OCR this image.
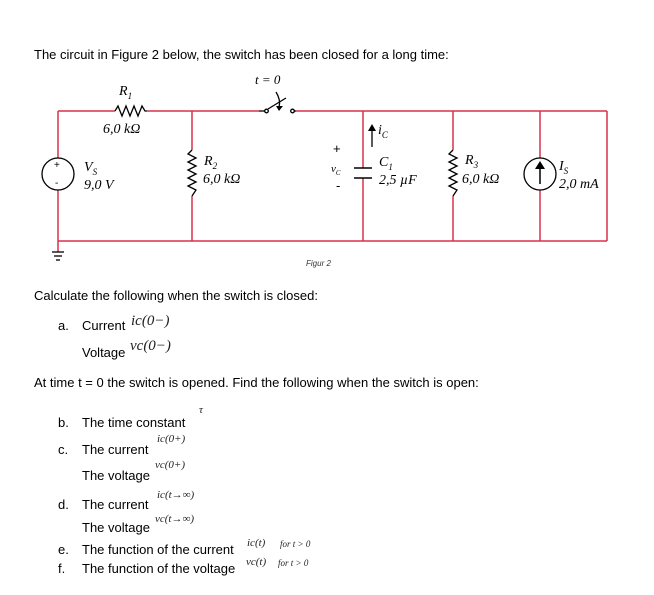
The circuit in Figure 2 below, the switch has been closed for a long time:
+
-
t = 0
$R_1$
6,0 kΩ
$V_S$
9,0 V
$R_2$
6,0 kΩ
+
$v_C$
-
$i_C$
$C_1$
2,5 µF
$R_3$
6,0 kΩ
$I_S$
2,0 mA
Figur 2
Calculate the following when the switch is closed:
a. Current ic(0−)
Voltage vc(0−)
At time t = 0 the switch is opened. Find the following when the switch is open:
b. The time constant
τ
c. The current
ic(0+)
The voltage
vc(0+)
d. The current
ic(t→∞)
The voltage
vc(t→∞)
e. The function of the current ic(t) for t > 0
f. The function of the voltage vc(t) for t > 0
